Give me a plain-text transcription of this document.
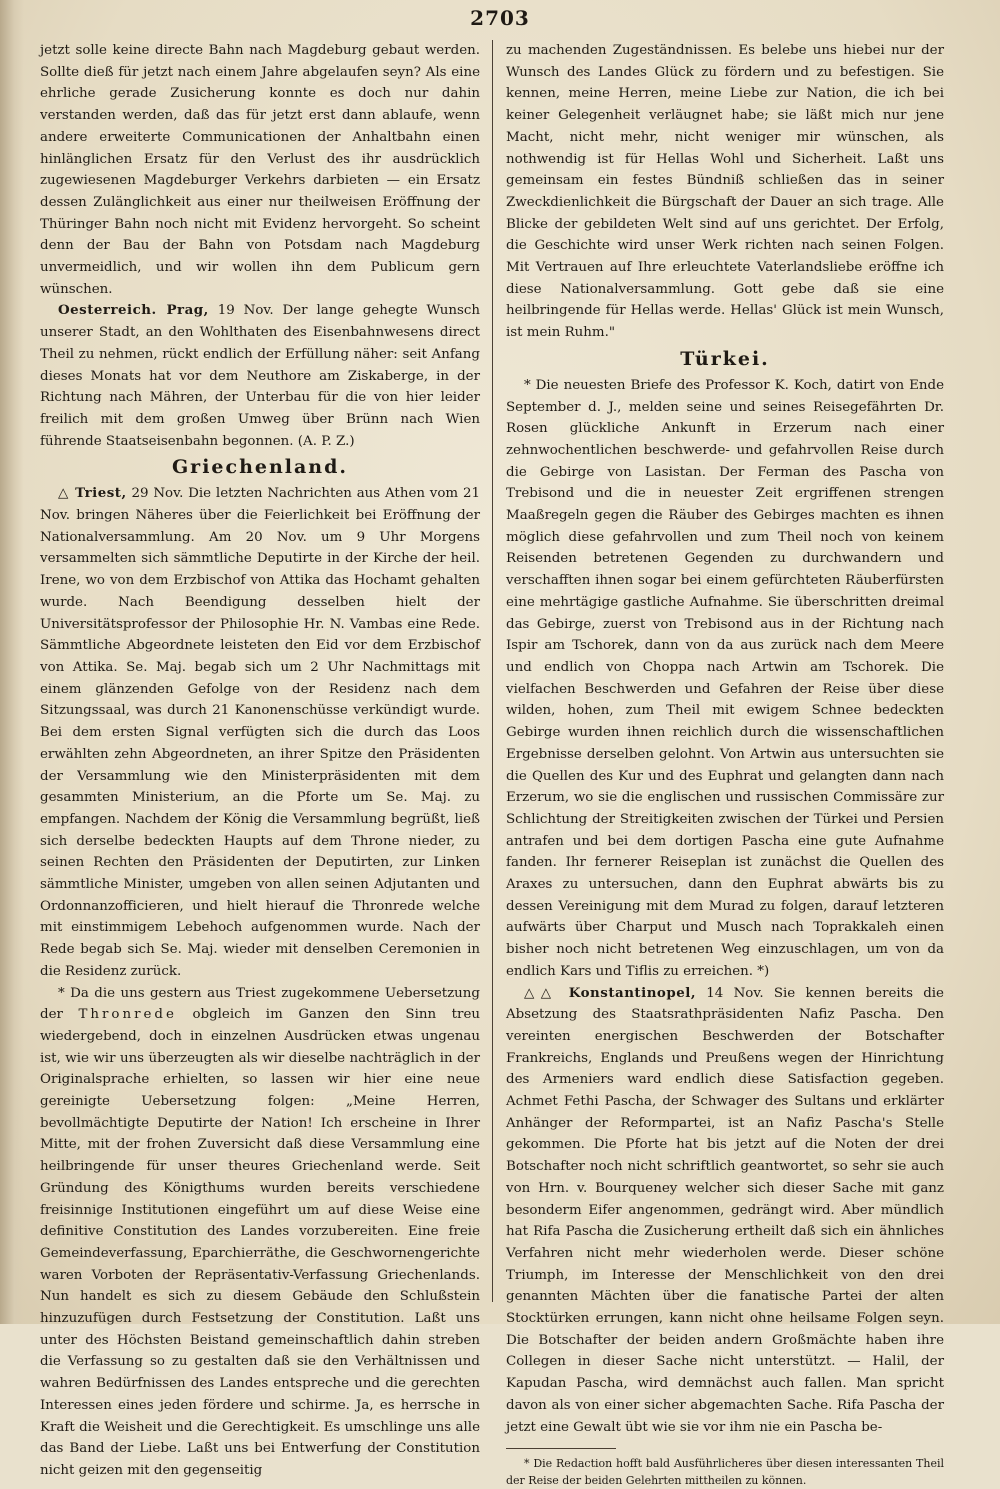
2703

jetzt solle keine directe Bahn nach Magdeburg gebaut werden. Sollte dieß für jetzt nach einem Jahre abgelaufen seyn? Als eine ehrliche gerade Zusicherung konnte es doch nur dahin verstanden werden, daß das für jetzt erst dann ablaufe, wenn andere erweiterte Communicationen der Anhaltbahn einen hinlänglichen Ersatz für den Verlust des ihr ausdrücklich zugewiesenen Magdeburger Verkehrs darbieten — ein Ersatz dessen Zulänglichkeit aus einer nur theilweisen Eröffnung der Thüringer Bahn noch nicht mit Evidenz hervorgeht. So scheint denn der Bau der Bahn von Potsdam nach Magdeburg unvermeidlich, und wir wollen ihn dem Publicum gern wünschen.

Oesterreich. Prag, 19 Nov. Der lange gehegte Wunsch unserer Stadt, an den Wohlthaten des Eisenbahnwesens direct Theil zu nehmen, rückt endlich der Erfüllung näher: seit Anfang dieses Monats hat vor dem Neuthore am Ziskaberge, in der Richtung nach Mähren, der Unterbau für die von hier leider freilich mit dem großen Umweg über Brünn nach Wien führende Staatseisenbahn begonnen. (A. P. Z.)

Griechenland.

△ Triest, 29 Nov. Die letzten Nachrichten aus Athen vom 21 Nov. bringen Näheres über die Feierlichkeit bei Eröffnung der Nationalversammlung. Am 20 Nov. um 9 Uhr Morgens versammelten sich sämmtliche Deputirte in der Kirche der heil. Irene, wo von dem Erzbischof von Attika das Hochamt gehalten wurde. Nach Beendigung desselben hielt der Universitätsprofessor der Philosophie Hr. N. Vambas eine Rede. Sämmtliche Abgeordnete leisteten den Eid vor dem Erzbischof von Attika. Se. Maj. begab sich um 2 Uhr Nachmittags mit einem glänzenden Gefolge von der Residenz nach dem Sitzungssaal, was durch 21 Kanonenschüsse verkündigt wurde. Bei dem ersten Signal verfügten sich die durch das Loos erwählten zehn Abgeordneten, an ihrer Spitze den Präsidenten der Versammlung wie den Ministerpräsidenten mit dem gesammten Ministerium, an die Pforte um Se. Maj. zu empfangen. Nachdem der König die Versammlung begrüßt, ließ sich derselbe bedeckten Haupts auf dem Throne nieder, zu seinen Rechten den Präsidenten der Deputirten, zur Linken sämmtliche Minister, umgeben von allen seinen Adjutanten und Ordonnanzofficieren, und hielt hierauf die Thronrede welche mit einstimmigem Lebehoch aufgenommen wurde. Nach der Rede begab sich Se. Maj. wieder mit denselben Ceremonien in die Residenz zurück.

* Da die uns gestern aus Triest zugekommene Uebersetzung der Thronrede obgleich im Ganzen den Sinn treu wiedergebend, doch in einzelnen Ausdrücken etwas ungenau ist, wie wir uns überzeugten als wir dieselbe nachträglich in der Originalsprache erhielten, so lassen wir hier eine neue gereinigte Uebersetzung folgen: „Meine Herren, bevollmächtigte Deputirte der Nation! Ich erscheine in Ihrer Mitte, mit der frohen Zuversicht daß diese Versammlung eine heilbringende für unser theures Griechenland werde. Seit Gründung des Königthums wurden bereits verschiedene freisinnige Institutionen eingeführt um auf diese Weise eine definitive Constitution des Landes vorzubereiten. Eine freie Gemeindeverfassung, Eparchierräthe, die Geschwornengerichte waren Vorboten der Repräsentativ-Verfassung Griechenlands. Nun handelt es sich zu diesem Gebäude den Schlußstein hinzuzufügen durch Festsetzung der Constitution. Laßt uns unter des Höchsten Beistand gemeinschaftlich dahin streben die Verfassung so zu gestalten daß sie den Verhältnissen und wahren Bedürfnissen des Landes entspreche und die gerechten Interessen eines jeden fördere und schirme. Ja, es herrsche in Kraft die Weisheit und die Gerechtigkeit. Es umschlinge uns alle das Band der Liebe. Laßt uns bei Entwerfung der Constitution nicht geizen mit den gegenseitig

zu machenden Zugeständnissen. Es belebe uns hiebei nur der Wunsch des Landes Glück zu fördern und zu befestigen. Sie kennen, meine Herren, meine Liebe zur Nation, die ich bei keiner Gelegenheit verläugnet habe; sie läßt mich nur jene Macht, nicht mehr, nicht weniger mir wünschen, als nothwendig ist für Hellas Wohl und Sicherheit. Laßt uns gemeinsam ein festes Bündniß schließen das in seiner Zweckdienlichkeit die Bürgschaft der Dauer an sich trage. Alle Blicke der gebildeten Welt sind auf uns gerichtet. Der Erfolg, die Geschichte wird unser Werk richten nach seinen Folgen. Mit Vertrauen auf Ihre erleuchtete Vaterlandsliebe eröffne ich diese Nationalversammlung. Gott gebe daß sie eine heilbringende für Hellas werde. Hellas' Glück ist mein Wunsch, ist mein Ruhm."

Türkei.

* Die neuesten Briefe des Professor K. Koch, datirt von Ende September d. J., melden seine und seines Reisegefährten Dr. Rosen glückliche Ankunft in Erzerum nach einer zehnwochentlichen beschwerde- und gefahrvollen Reise durch die Gebirge von Lasistan. Der Ferman des Pascha von Trebisond und die in neuester Zeit ergriffenen strengen Maaßregeln gegen die Räuber des Gebirges machten es ihnen möglich diese gefahrvollen und zum Theil noch von keinem Reisenden betretenen Gegenden zu durchwandern und verschafften ihnen sogar bei einem gefürchteten Räuberfürsten eine mehrtägige gastliche Aufnahme. Sie überschritten dreimal das Gebirge, zuerst von Trebisond aus in der Richtung nach Ispir am Tschorek, dann von da aus zurück nach dem Meere und endlich von Choppa nach Artwin am Tschorek. Die vielfachen Beschwerden und Gefahren der Reise über diese wilden, hohen, zum Theil mit ewigem Schnee bedeckten Gebirge wurden ihnen reichlich durch die wissenschaftlichen Ergebnisse derselben gelohnt. Von Artwin aus untersuchten sie die Quellen des Kur und des Euphrat und gelangten dann nach Erzerum, wo sie die englischen und russischen Commissäre zur Schlichtung der Streitigkeiten zwischen der Türkei und Persien antrafen und bei dem dortigen Pascha eine gute Aufnahme fanden. Ihr fernerer Reiseplan ist zunächst die Quellen des Araxes zu untersuchen, dann den Euphrat abwärts bis zu dessen Vereinigung mit dem Murad zu folgen, darauf letzteren aufwärts über Charput und Musch nach Toprakkaleh einen bisher noch nicht betretenen Weg einzuschlagen, um von da endlich Kars und Tiflis zu erreichen. *)

△△ Konstantinopel, 14 Nov. Sie kennen bereits die Absetzung des Staatsrathpräsidenten Nafiz Pascha. Den vereinten energischen Beschwerden der Botschafter Frankreichs, Englands und Preußens wegen der Hinrichtung des Armeniers ward endlich diese Satisfaction gegeben. Achmet Fethi Pascha, der Schwager des Sultans und erklärter Anhänger der Reformpartei, ist an Nafiz Pascha's Stelle gekommen. Die Pforte hat bis jetzt auf die Noten der drei Botschafter noch nicht schriftlich geantwortet, so sehr sie auch von Hrn. v. Bourqueney welcher sich dieser Sache mit ganz besonderm Eifer angenommen, gedrängt wird. Aber mündlich hat Rifa Pascha die Zusicherung ertheilt daß sich ein ähnliches Verfahren nicht mehr wiederholen werde. Dieser schöne Triumph, im Interesse der Menschlichkeit von den drei genannten Mächten über die fanatische Partei der alten Stocktürken errungen, kann nicht ohne heilsame Folgen seyn. Die Botschafter der beiden andern Großmächte haben ihre Collegen in dieser Sache nicht unterstützt. — Halil, der Kapudan Pascha, wird demnächst auch fallen. Man spricht davon als von einer sicher abgemachten Sache. Rifa Pascha der jetzt eine Gewalt übt wie sie vor ihm nie ein Pascha be-

* Die Redaction hofft bald Ausführlicheres über diesen interessanten Theil der Reise der beiden Gelehrten mittheilen zu können.
